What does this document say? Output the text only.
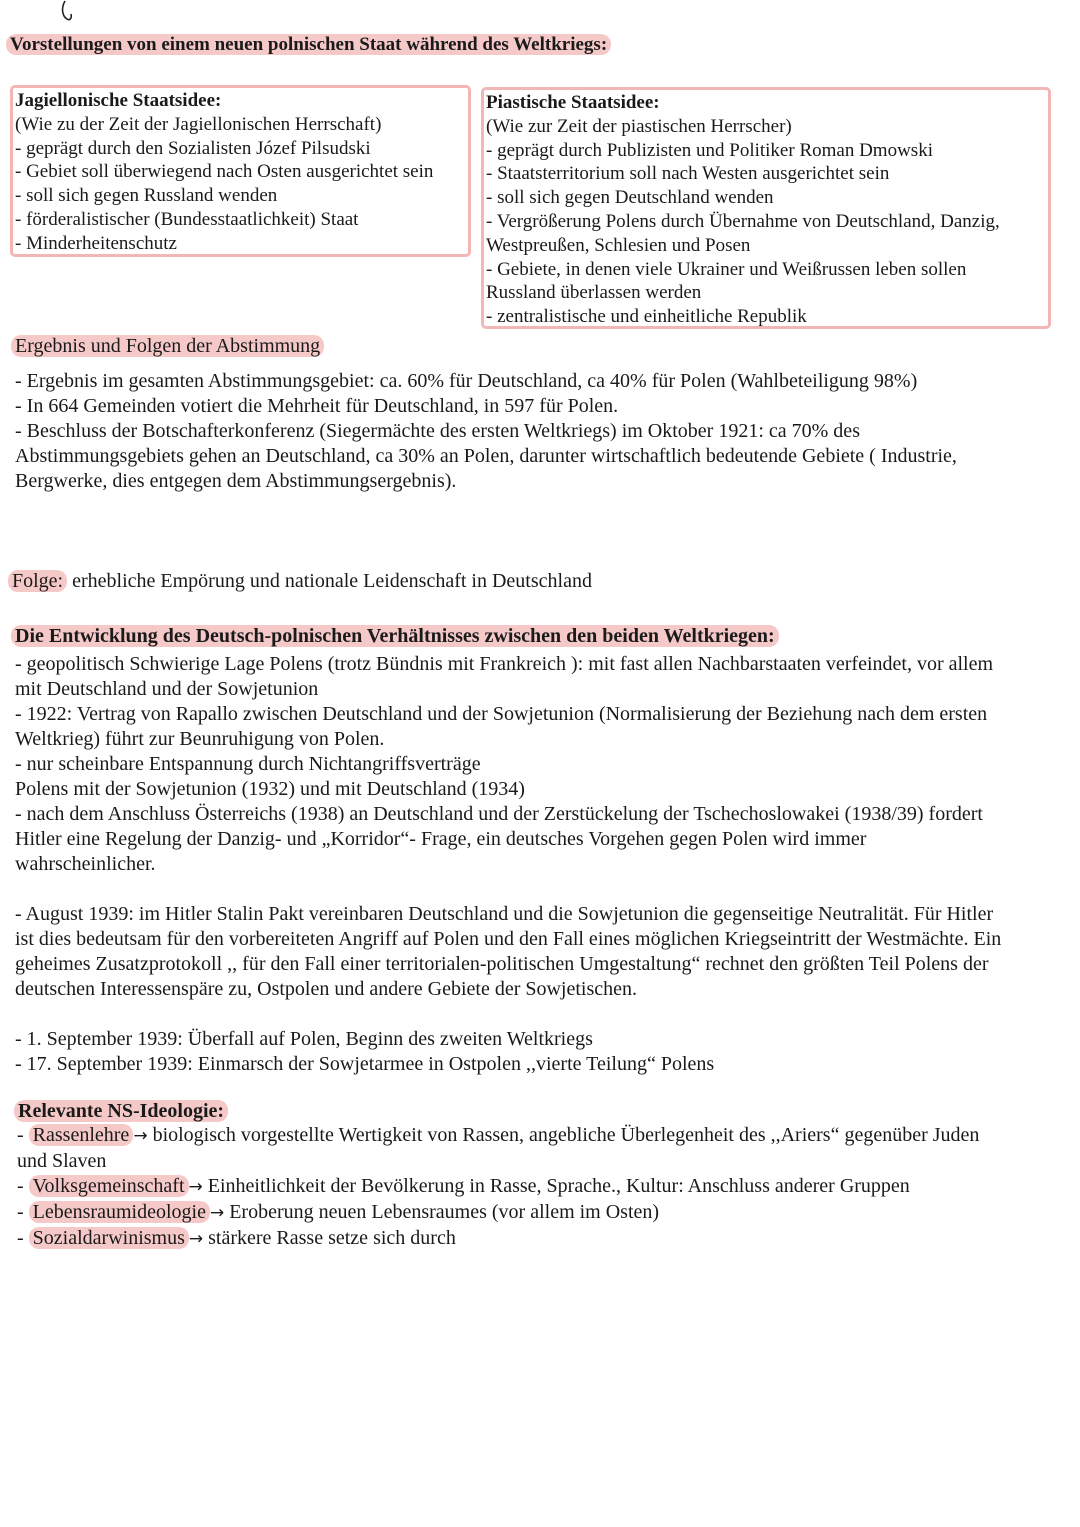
Vorstellungen von einem neuen polnischen Staat während des Weltkriegs:
Jagiellonische Staatsidee:
(Wie zu der Zeit der Jagiellonischen Herrschaft)
- geprägt durch den Sozialisten Józef Pilsudski
- Gebiet soll überwiegend nach Osten ausgerichtet sein
- soll sich gegen Russland wenden
- förderalistischer (Bundesstaatlichkeit) Staat
- Minderheitenschutz
Piastische Staatsidee:
(Wie zur Zeit der piastischen Herrscher)
- geprägt durch Publizisten und Politiker Roman Dmowski
- Staatsterritorium soll nach Westen ausgerichtet sein
- soll sich gegen Deutschland wenden
- Vergrößerung Polens durch Übernahme von Deutschland, Danzig,
Westpreußen, Schlesien und Posen
- Gebiete, in denen viele Ukrainer und Weißrussen leben sollen
Russland überlassen werden
- zentralistische und einheitliche Republik
Ergebnis und Folgen der Abstimmung
- Ergebnis im gesamten Abstimmungsgebiet: ca. 60% für Deutschland, ca 40% für Polen (Wahlbeteiligung 98%)
- In 664 Gemeinden votiert die Mehrheit für Deutschland, in 597 für Polen.
- Beschluss der Botschafterkonferenz (Siegermächte des ersten Weltkriegs) im Oktober 1921: ca 70% des
Abstimmungsgebiets gehen an Deutschland, ca 30% an Polen, darunter wirtschaftlich bedeutende Gebiete ( Industrie,
Bergwerke, dies entgegen dem Abstimmungsergebnis).
Folge: erhebliche Empörung und nationale Leidenschaft in Deutschland
Die Entwicklung des Deutsch-polnischen Verhältnisses zwischen den beiden Weltkriegen:
- geopolitisch Schwierige Lage Polens (trotz Bündnis mit Frankreich ): mit fast allen Nachbarstaaten verfeindet, vor allem
mit Deutschland und der Sowjetunion
- 1922: Vertrag von Rapallo zwischen Deutschland und der Sowjetunion (Normalisierung der Beziehung nach dem ersten
Weltkrieg) führt zur Beunruhigung von Polen.
- nur scheinbare Entspannung durch Nichtangriffsverträge
Polens mit der Sowjetunion (1932) und mit Deutschland (1934)
- nach dem Anschluss Österreichs (1938) an Deutschland und der Zerstückelung der Tschechoslowakei (1938/39) fordert
Hitler eine Regelung der Danzig- und „Korridor“- Frage, ein deutsches Vorgehen gegen Polen wird immer
wahrscheinlicher.
- August 1939: im Hitler Stalin Pakt vereinbaren Deutschland und die Sowjetunion die gegenseitige Neutralität. Für Hitler
ist dies bedeutsam für den vorbereiteten Angriff auf Polen und den Fall eines möglichen Kriegseintritt der Westmächte. Ein
geheimes Zusatzprotokoll ,, für den Fall einer territorialen-politischen Umgestaltung“ rechnet den größten Teil Polens der
deutschen Interessenspäre zu, Ostpolen und andere Gebiete der Sowjetischen.
- 1. September 1939: Überfall auf Polen, Beginn des zweiten Weltkriegs
- 17. September 1939: Einmarsch der Sowjetarmee in Ostpolen ,,vierte Teilung“ Polens
Relevante NS-Ideologie:
- Rassenlehre → biologisch vorgestellte Wertigkeit von Rassen, angebliche Überlegenheit des ,,Ariers“ gegenüber Juden
und Slaven
- Volksgemeinschaft → Einheitlichkeit der Bevölkerung in Rasse, Sprache., Kultur: Anschluss anderer Gruppen
- Lebensraumideologie → Eroberung neuen Lebensraumes (vor allem im Osten)
- Sozialdarwinismus → stärkere Rasse setze sich durch
